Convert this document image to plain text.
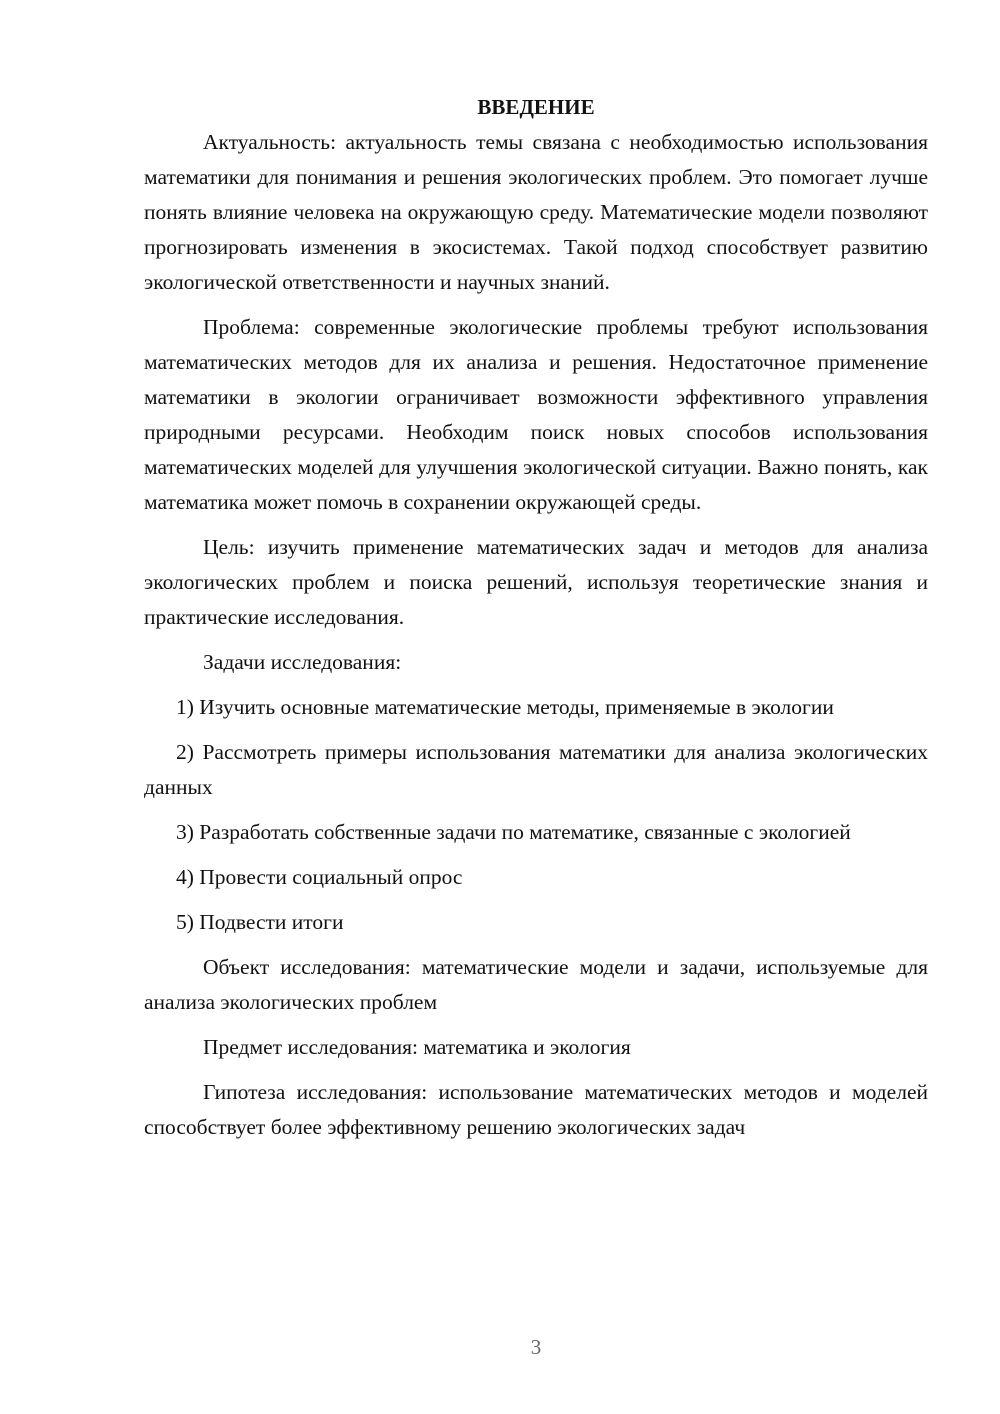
ВВЕДЕНИЕ

Актуальность: актуальность темы связана с необходимостью использования математики для понимания и решения экологических проблем. Это помогает лучше понять влияние человека на окружающую среду. Математические модели позволяют прогнозировать изменения в экосистемах. Такой подход способствует развитию экологической ответственности и научных знаний.

Проблема: современные экологические проблемы требуют использования математических методов для их анализа и решения. Недостаточное применение математики в экологии ограничивает возможности эффективного управления природными ресурсами. Необходим поиск новых способов использования математических моделей для улучшения экологической ситуации. Важно понять, как математика может помочь в сохранении окружающей среды.

Цель: изучить применение математических задач и методов для анализа экологических проблем и поиска решений, используя теоретические знания и практические исследования.

Задачи исследования:

1) Изучить основные математические методы, применяемые в экологии

2) Рассмотреть примеры использования математики для анализа экологических данных

3) Разработать собственные задачи по математике, связанные с экологией

4) Провести социальный опрос

5) Подвести итоги

Объект исследования: математические модели и задачи, используемые для анализа экологических проблем

Предмет исследования: математика и экология

Гипотеза исследования: использование математических методов и моделей способствует более эффективному решению экологических задач

3
